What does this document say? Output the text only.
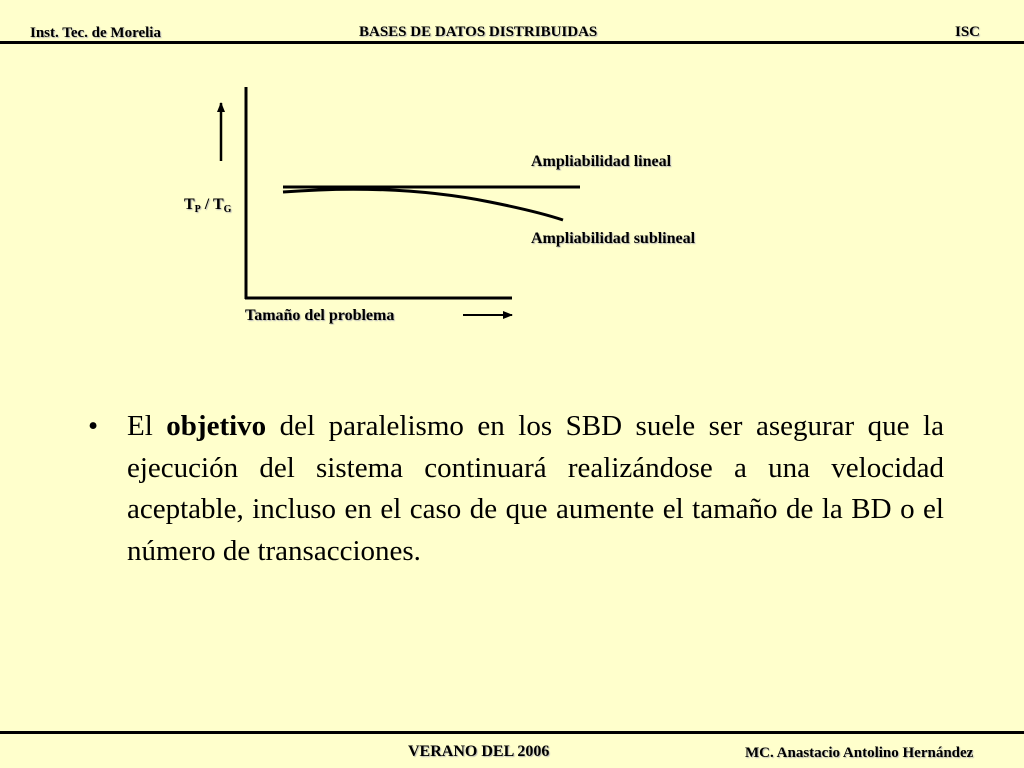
Inst. Tec. de Morelia	BASES DE DATOS DISTRIBUIDAS	ISC
$T_P / T_G$
Tamaño del problema
Ampliabilidad lineal
Ampliabilidad sublineal
• El objetivo del paralelismo en los SBD suele ser asegurar que la ejecución del sistema continuará realizándose a una velocidad aceptable, incluso en el caso de que aumente el tamaño de la BD o el número de transacciones.
VERANO DEL 2006	MC. Anastacio Antolino Hernández
